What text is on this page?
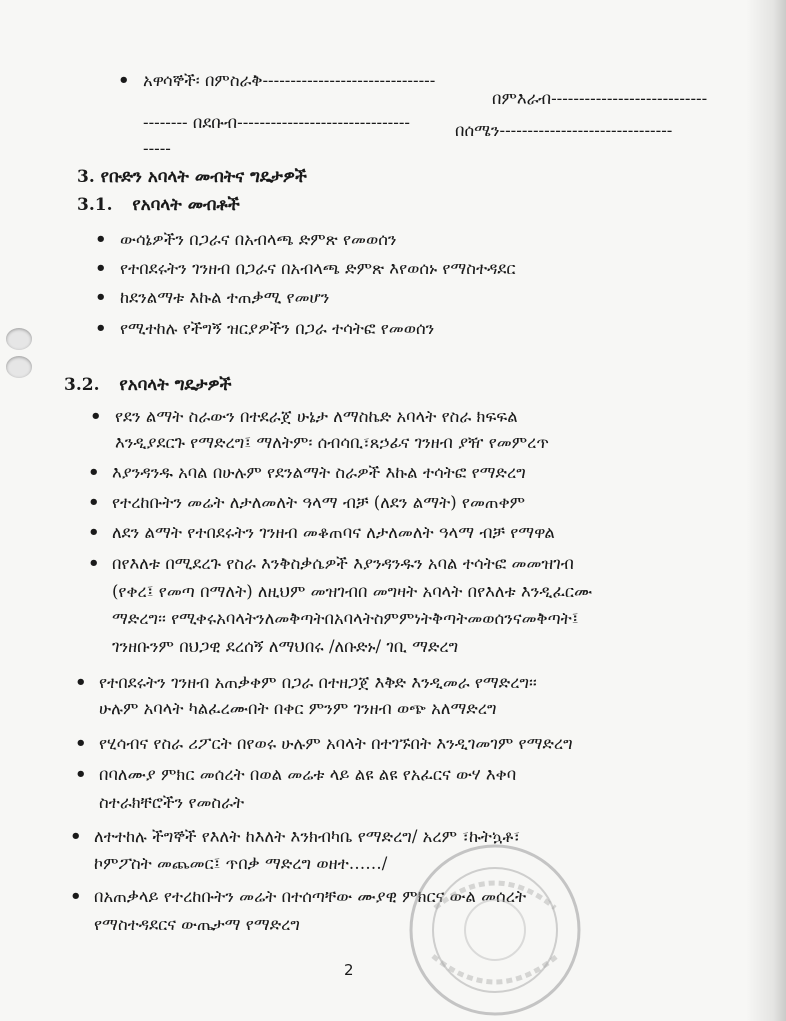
• አዋሳኞች፡ በምስራቅ-------------------------------
በምእራብ----------------------------
-------- በደቡብ-------------------------------	በሰሜን-------------------------------
-----
3. የቡድን አባላት መብትና ግዴታዎች
3.1. የአባላት መብቶች
• ውሳኔዎችን በጋራና በአብላጫ ድምጽ የመወሰን
• የተበደሩትን ገንዘብ በጋራና በአብላጫ ድምጽ እየወሰኑ የማስተዳደር
• ከደንልማቱ እኩል ተጠቃሚ የመሆን
• የሚተከሉ የችግኝ ዝርያዎችን በጋራ ተሳትፎ የመወሰን
3.2. የአባላት ግዴታዎች
• የደን ልማት ስራውን በተደራጀ ሁኔታ ለማስኬድ አባላት የስራ ክፍፍል
እንዲያደርጉ የማድረግ፤ ማለትም፡ ሰብሳቢ፣ጸኃፊና ገንዘብ ያዥ የመምረጥ
• እያንዳንዱ አባል በሁሉም የደንልማት ስራዎች እኩል ተሳትፎ የማድረግ
• የተረከቡትን መሬት ለታለመለት ዓላማ ብቻ (ለደን ልማት) የመጠቀም
• ለደን ልማት የተበደሩትን ገንዘብ መቆጠባና ለታለመለት ዓላማ ብቻ የማዋል
• በየእለቱ በሚደረጉ የስራ እንቅስቃሴዎች እያንዳንዱን አባል ተሳትፎ መመዝገብ
(የቀረ፤ የመጣ በማለት) ለዚህም መዝገብበ መግዛት አባላት በየእለቱ እንዲፈርሙ
ማድረግ፡፡ የሚቀሩአባላትንለመቅጣትበአባላትስምምነትቅጣትመወሰንናመቅጣት፤
ገንዘቡንም በህጋዊ ደረሰኝ ለማህበሩ /ለቡድኑ/ ገቢ ማድረግ
• የተበደሩትን ገንዘብ አጠቃቀም በጋራ በተዘጋጀ እቅድ እንዲመራ የማድረግ፡፡
ሁሉም አባላት ካልፈረሙበት በቀር ምንም ገንዘብ ወጭ አለማድረግ
• የሂሳብና የስራ ሪፖርት በየወሩ ሁሉም አባላት በተገኙበት እንዲገመገም የማድረግ
• በባለሙያ ምክር መሰረት በወል መሬቱ ላይ ልዩ ልዩ የአፈርና ውሃ እቀባ
ስተራክቸሮችን የመስራት
• ለተተከሉ ችግኞች የእለት ከእለት እንክብካቤ የማድረግ/ አረም ፣ኩትኳቶ፣
ኮምፖስት መጨመር፤ ጥበቃ ማድረግ ወዘተ……/
• በአጠቃላይ የተረከቡትን መሬት በተሰጣቸው ሙያዊ ምክርና ውል መሰረት
የማስተዳደርና ውጤታማ የማድረግ
2
